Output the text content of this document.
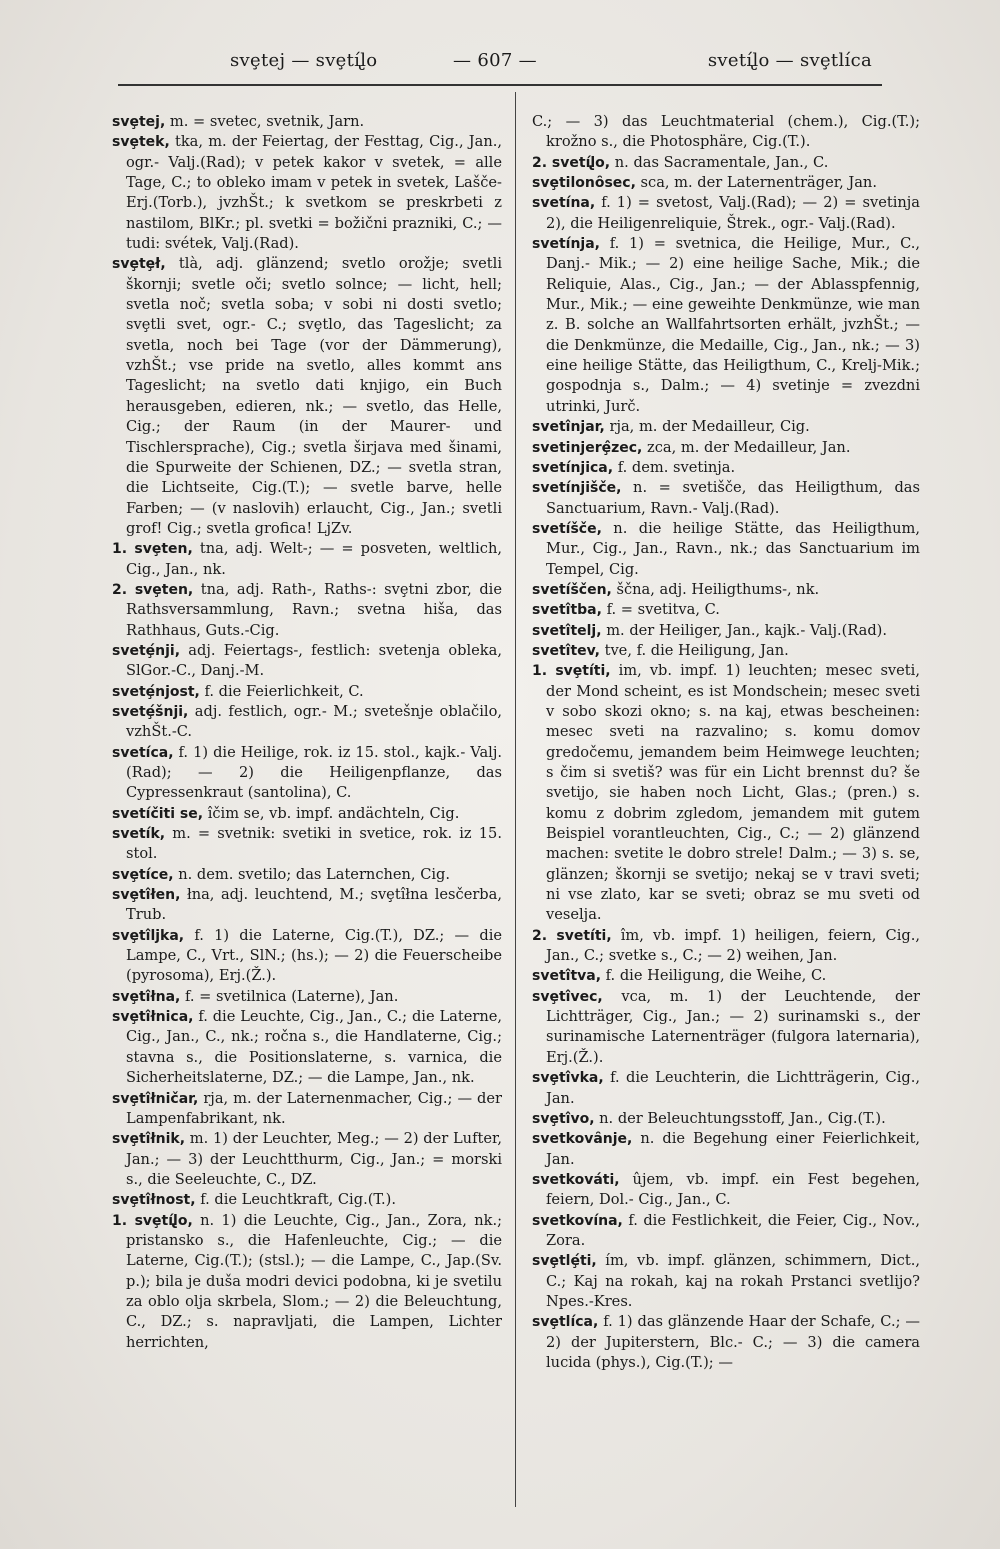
svȩtej — svȩtíl̢o	— 607 —	svetíl̢o — svȩtlíca

svȩtej, m. = svetec, svetnik, Jarn.

svȩtek, tka, m. der Feiertag, der Festtag, Cig., Jan., ogr.- Valj.(Rad); v petek kakor v svetek, = alle Tage, C.; to obleko imam v petek in svetek, Lašče-Erj.(Torb.), jvzhŠt.; k svetkom se preskrbeti z nastilom, BlKr.; pl. svetki = božični prazniki, C.; — tudi: svétek, Valj.(Rad).

svȩtȩł, tlà, adj. glänzend; svetlo orožje; svetli škornji; svetle oči; svetlo solnce; — licht, hell; svetla noč; svetla soba; v sobi ni dosti svetlo; svȩtli svet, ogr.- C.; svȩtlo, das Tageslicht; za svetla, noch bei Tage (vor der Dämmerung), vzhŠt.; vse pride na svetlo, alles kommt ans Tageslicht; na svetlo dati knjigo, ein Buch herausgeben, edieren, nk.; — svetlo, das Helle, Cig.; der Raum (in der Maurer- und Tischlersprache), Cig.; svetla širjava med šinami, die Spurweite der Schienen, DZ.; — svetla stran, die Lichtseite, Cig.(T.); — svetle barve, helle Farben; — (v naslovih) erlaucht, Cig., Jan.; svetli grof! Cig.; svetla grofica! LjZv.

1. svȩten, tna, adj. Welt-; — = posveten, weltlich, Cig., Jan., nk.

2. svȩten, tna, adj. Rath-, Raths-: svȩtni zbor, die Rathsversammlung, Ravn.; svetna hiša, das Rathhaus, Guts.-Cig.

svetȩ́nji, adj. Feiertags-, festlich: svetenja obleka, SlGor.-C., Danj.-M.

svetȩ́njost, f. die Feierlichkeit, C.

svetȩ́šnji, adj. festlich, ogr.- M.; svetešnje oblačilo, vzhŠt.-C.

svetíca, f. 1) die Heilige, rok. iz 15. stol., kajk.- Valj.(Rad); — 2) die Heiligenpflanze, das Cypressenkraut (santolina), C.

svetíčiti se, îčim se, vb. impf. andächteln, Cig.

svetík, m. = svetnik: svetiki in svetice, rok. iz 15. stol.

svȩtíce, n. dem. svetilo; das Laternchen, Cig.

svȩtîłen, łna, adj. leuchtend, M.; svȩtîłna lesčerba, Trub.

svȩtîljka, f. 1) die Laterne, Cig.(T.), DZ.; — die Lampe, C., Vrt., SlN.; (hs.); — 2) die Feuerscheibe (pyrosoma), Erj.(Ž.).

svȩtîłna, f. = svetilnica (Laterne), Jan.

svȩtîłnica, f. die Leuchte, Cig., Jan., C.; die Laterne, Cig., Jan., C., nk.; ročna s., die Handlaterne, Cig.; stavna s., die Positionslaterne, s. varnica, die Sicherheitslaterne, DZ.; — die Lampe, Jan., nk.

svȩtîłničar, rja, m. der Laternenmacher, Cig.; — der Lampenfabrikant, nk.

svȩtîłnik, m. 1) der Leuchter, Meg.; — 2) der Lufter, Jan.; — 3) der Leuchtthurm, Cig., Jan.; = morski s., die Seeleuchte, C., DZ.

svȩtîłnost, f. die Leuchtkraft, Cig.(T.).

1. svȩtíl̢o, n. 1) die Leuchte, Cig., Jan., Zora, nk.; pristansko s., die Hafenleuchte, Cig.; — die Laterne, Cig.(T.); (stsl.); — die Lampe, C., Jap.(Sv. p.); bila je duša modri devici podobna, ki je svetilu za oblo olja skrbela, Slom.; — 2) die Beleuchtung, C., DZ.; s. napravljati, die Lampen, Lichter herrichten,

C.; — 3) das Leuchtmaterial (chem.), Cig.(T.); krožno s., die Photosphäre, Cig.(T.).

2. svetíl̢o, n. das Sacramentale, Jan., C.

svȩtilonȏsec, sca, m. der Laternenträger, Jan.

svetína, f. 1) = svetost, Valj.(Rad); — 2) = svetinja 2), die Heiligenreliquie, Štrek., ogr.- Valj.(Rad).

svetínja, f. 1) = svetnica, die Heilige, Mur., C., Danj.- Mik.; — 2) eine heilige Sache, Mik.; die Reliquie, Alas., Cig., Jan.; — der Ablasspfennig, Mur., Mik.; — eine geweihte Denkmünze, wie man z. B. solche an Wallfahrtsorten erhält, jvzhŠt.; — die Denkmünze, die Medaille, Cig., Jan., nk.; — 3) eine heilige Stätte, das Heiligthum, C., Krelj-Mik.; gospodnja s., Dalm.; — 4) svetinje = zvezdni utrinki, Jurč.

svetînjar, rja, m. der Medailleur, Cig.

svetinjerȩ̂zec, zca, m. der Medailleur, Jan.

svetínjica, f. dem. svetinja.

svetínjišče, n. = svetišče, das Heiligthum, das Sanctuarium, Ravn.- Valj.(Rad).

svetíšče, n. die heilige Stätte, das Heiligthum, Mur., Cig., Jan., Ravn., nk.; das Sanctuarium im Tempel, Cig.

svetíščen, ščna, adj. Heiligthums-, nk.

svetîtba, f. = svetitva, C.

svetîtelj, m. der Heiliger, Jan., kajk.- Valj.(Rad).

svetîtev, tve, f. die Heiligung, Jan.

1. svȩtíti, im, vb. impf. 1) leuchten; mesec sveti, der Mond scheint, es ist Mondschein; mesec sveti v sobo skozi okno; s. na kaj, etwas bescheinen: mesec sveti na razvalino; s. komu domov gredočemu, jemandem beim Heimwege leuchten; s čim si svetiš? was für ein Licht brennst du? še svetijo, sie haben noch Licht, Glas.; (pren.) s. komu z dobrim zgledom, jemandem mit gutem Beispiel vorantleuchten, Cig., C.; — 2) glänzend machen: svetite le dobro strele! Dalm.; — 3) s. se, glänzen; škornji se svetijo; nekaj se v travi sveti; ni vse zlato, kar se sveti; obraz se mu sveti od veselja.

2. svetíti, îm, vb. impf. 1) heiligen, feiern, Cig., Jan., C.; svetke s., C.; — 2) weihen, Jan.

svetîtva, f. die Heiligung, die Weihe, C.

svȩtîvec, vca, m. 1) der Leuchtende, der Lichtträger, Cig., Jan.; — 2) surinamski s., der surinamische Laternenträger (fulgora laternaria), Erj.(Ž.).

svȩtîvka, f. die Leuchterin, die Lichtträgerin, Cig., Jan.

svȩtîvo, n. der Beleuchtungsstoff, Jan., Cig.(T.).

svetkovȃnje, n. die Begehung einer Feierlichkeit, Jan.

svetkováti, ûjem, vb. impf. ein Fest begehen, feiern, Dol.- Cig., Jan., C.

svetkovína, f. die Festlichkeit, die Feier, Cig., Nov., Zora.

svȩtlȩ́ti, ím, vb. impf. glänzen, schimmern, Dict., C.; Kaj na rokah, kaj na rokah Prstanci svetlijo? Npes.-Kres.

svȩtlíca, f. 1) das glänzende Haar der Schafe, C.; — 2) der Jupiterstern, Blc.- C.; — 3) die camera lucida (phys.), Cig.(T.); —
